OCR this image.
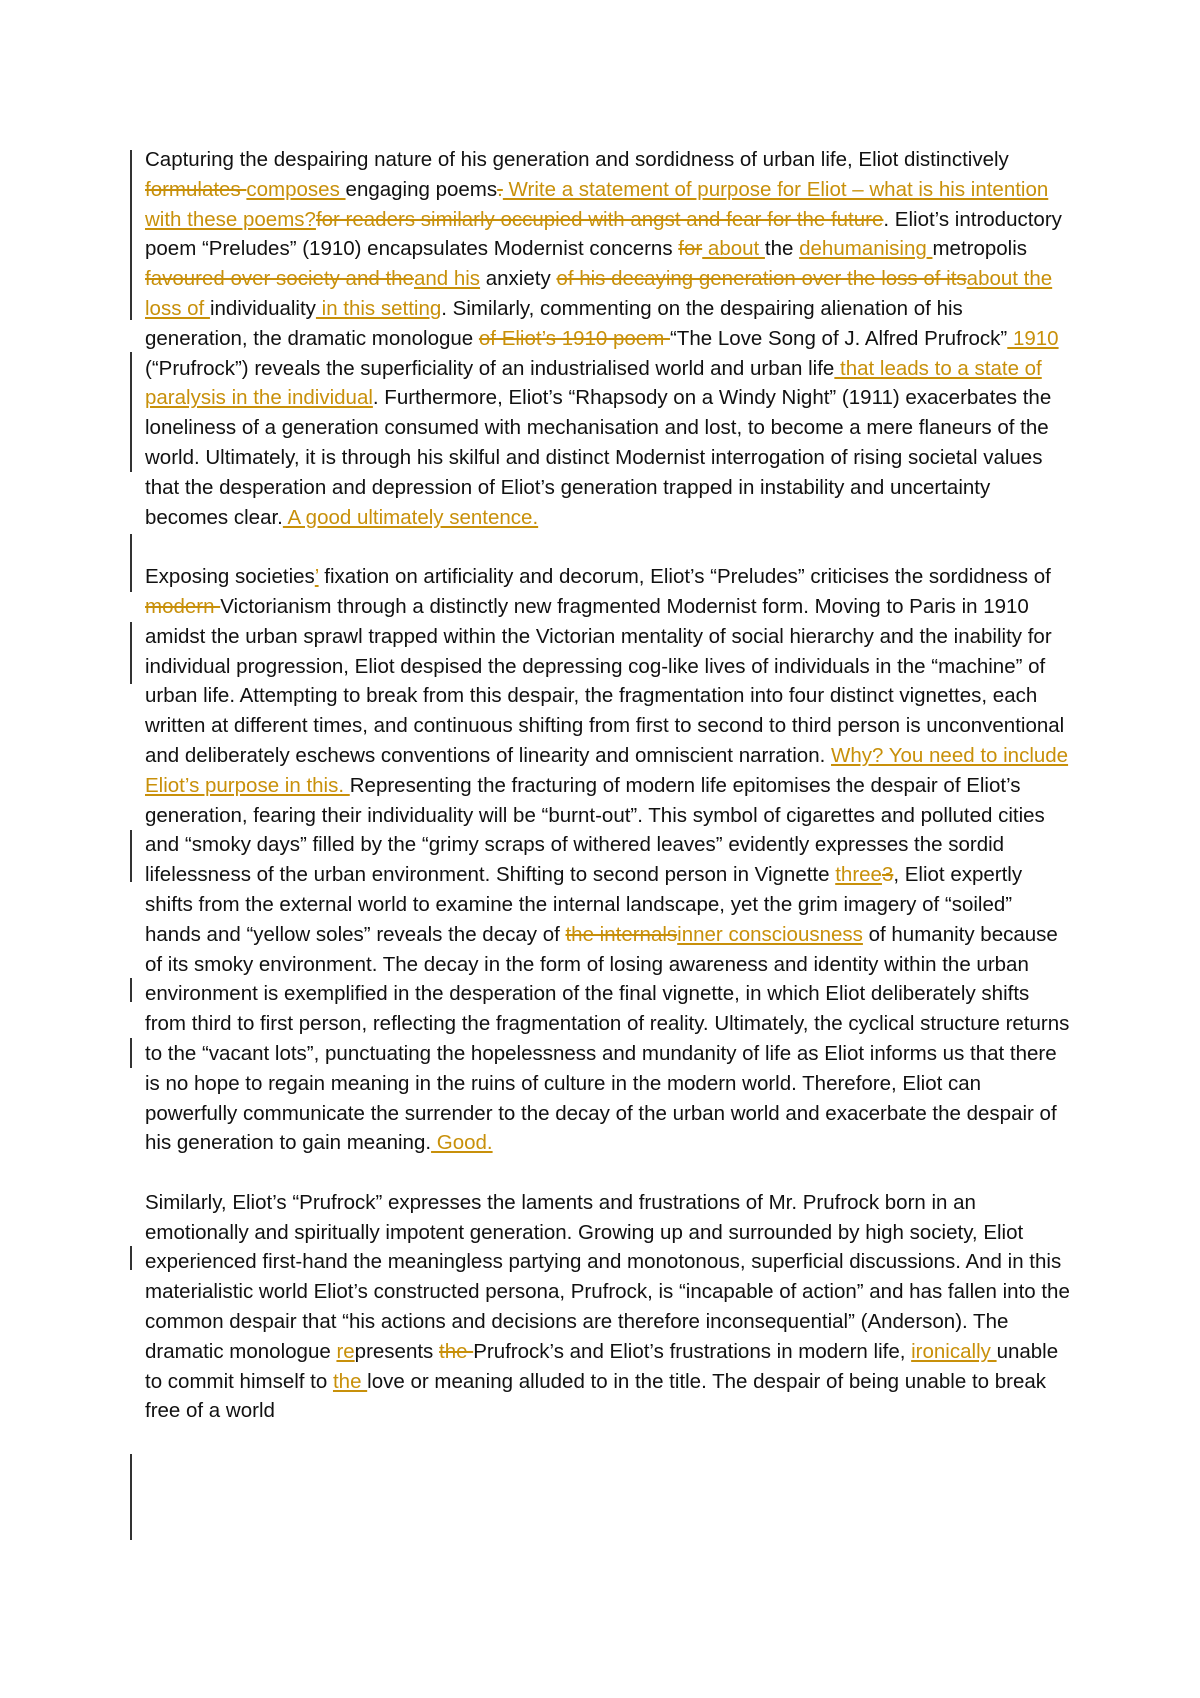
Capturing the despairing nature of his generation and sordidness of urban life, Eliot distinctively formulates composes engaging poems. Write a statement of purpose for Eliot – what is his intention with these poems?for readers similarly occupied with angst and fear for the future. Eliot’s introductory poem “Preludes” (1910) encapsulates Modernist concerns for about the dehumanising metropolis favoured over society and theand his anxiety of his decaying generation over the loss of itsabout the loss of individuality in this setting. Similarly, commenting on the despairing alienation of his generation, the dramatic monologue of Eliot’s 1910 poem “The Love Song of J. Alfred Prufrock” 1910 (“Prufrock”) reveals the superficiality of an industrialised world and urban life that leads to a state of paralysis in the individual. Furthermore, Eliot’s “Rhapsody on a Windy Night” (1911) exacerbates the loneliness of a generation consumed with mechanisation and lost, to become a mere flaneurs of the world. Ultimately, it is through his skilful and distinct Modernist interrogation of rising societal values that the desperation and depression of Eliot’s generation trapped in instability and uncertainty becomes clear. A good ultimately sentence.

Exposing societies’ fixation on artificiality and decorum, Eliot’s “Preludes” criticises the sordidness of modern Victorianism through a distinctly new fragmented Modernist form. Moving to Paris in 1910 amidst the urban sprawl trapped within the Victorian mentality of social hierarchy and the inability for individual progression, Eliot despised the depressing cog-like lives of individuals in the “machine” of urban life. Attempting to break from this despair, the fragmentation into four distinct vignettes, each written at different times, and continuous shifting from first to second to third person is unconventional and deliberately eschews conventions of linearity and omniscient narration. Why? You need to include Eliot’s purpose in this. Representing the fracturing of modern life epitomises the despair of Eliot’s generation, fearing their individuality will be “burnt-out”. This symbol of cigarettes and polluted cities and “smoky days” filled by the “grimy scraps of withered leaves” evidently expresses the sordid lifelessness of the urban environment. Shifting to second person in Vignette three3, Eliot expertly shifts from the external world to examine the internal landscape, yet the grim imagery of “soiled” hands and “yellow soles” reveals the decay of the internalsinner consciousness of humanity because of its smoky environment. The decay in the form of losing awareness and identity within the urban environment is exemplified in the desperation of the final vignette, in which Eliot deliberately shifts from third to first person, reflecting the fragmentation of reality. Ultimately, the cyclical structure returns to the “vacant lots”, punctuating the hopelessness and mundanity of life as Eliot informs us that there is no hope to regain meaning in the ruins of culture in the modern world. Therefore, Eliot can powerfully communicate the surrender to the decay of the urban world and exacerbate the despair of his generation to gain meaning. Good.

Similarly, Eliot’s “Prufrock” expresses the laments and frustrations of Mr. Prufrock born in an emotionally and spiritually impotent generation. Growing up and surrounded by high society, Eliot experienced first-hand the meaningless partying and monotonous, superficial discussions. And in this materialistic world Eliot’s constructed persona, Prufrock, is “incapable of action” and has fallen into the common despair that “his actions and decisions are therefore inconsequential” (Anderson). The dramatic monologue represents the Prufrock’s and Eliot’s frustrations in modern life, ironically unable to commit himself to the love or meaning alluded to in the title. The despair of being unable to break free of a world
